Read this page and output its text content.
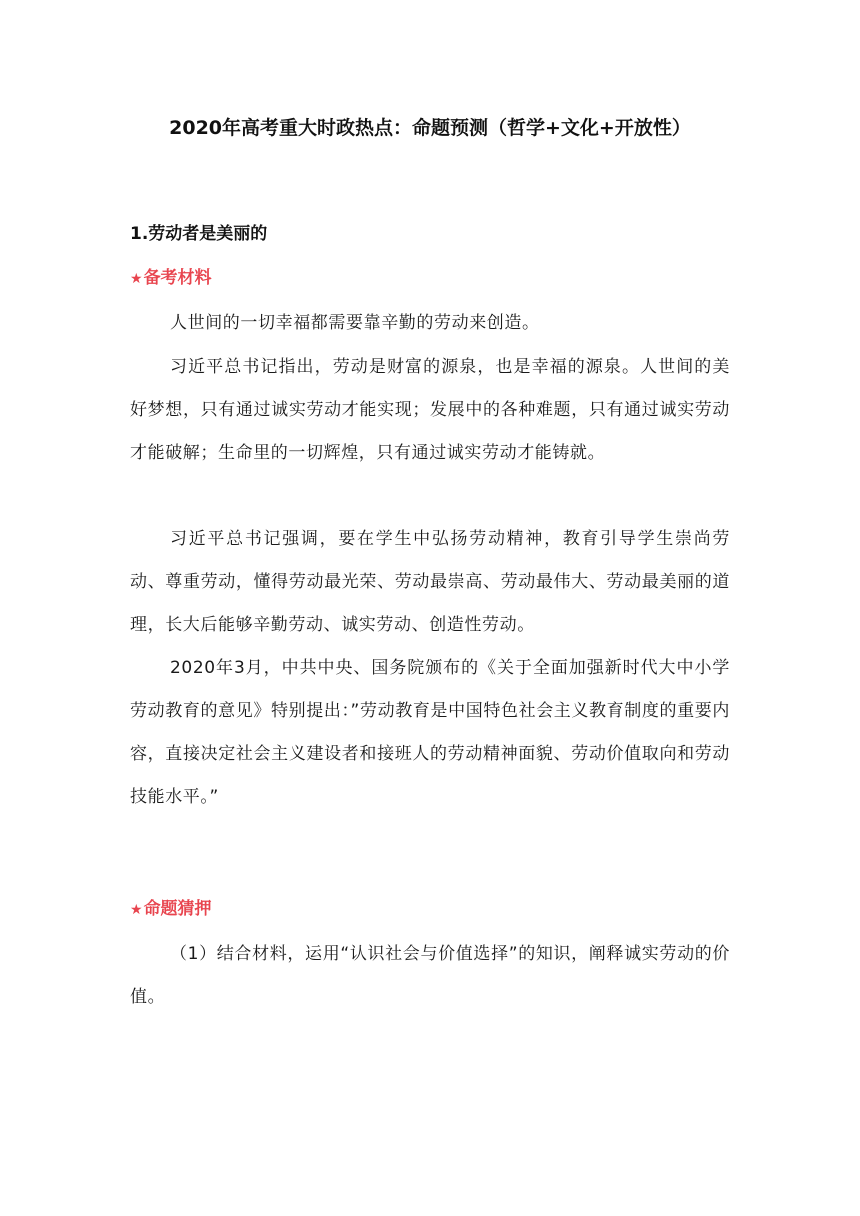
2020年高考重大时政热点：命题预测（哲学+文化+开放性）
1.劳动者是美丽的
★备考材料

人世间的一切幸福都需要靠辛勤的劳动来创造。

习近平总书记指出，劳动是财富的源泉，也是幸福的源泉。人世间的美好梦想，只有通过诚实劳动才能实现；发展中的各种难题，只有通过诚实劳动才能破解；生命里的一切辉煌，只有通过诚实劳动才能铸就。

习近平总书记强调，要在学生中弘扬劳动精神，教育引导学生崇尚劳动、尊重劳动，懂得劳动最光荣、劳动最崇高、劳动最伟大、劳动最美丽的道理，长大后能够辛勤劳动、诚实劳动、创造性劳动。

2020年3月，中共中央、国务院颁布的《关于全面加强新时代大中小学劳动教育的意见》特别提出：”劳动教育是中国特色社会主义教育制度的重要内容，直接决定社会主义建设者和接班人的劳动精神面貌、劳动价值取向和劳动技能水平。”

★命题猜押

（1）结合材料，运用“认识社会与价值选择”的知识，阐释诚实劳动的价值。
